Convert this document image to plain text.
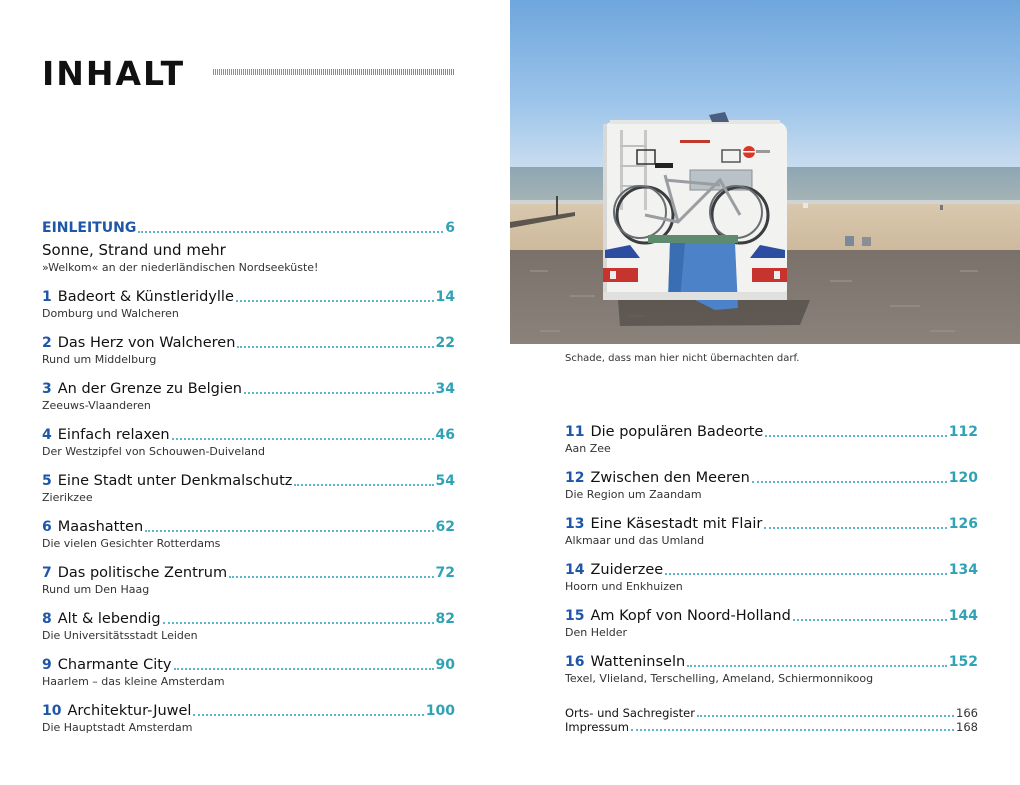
INHALT
EINLEITUNG	6
Sonne, Strand und mehr
»Welkom« an der niederländischen Nordseeküste!
1 Badeort & Künstleridylle	14
Domburg und Walcheren
2 Das Herz von Walcheren	22
Rund um Middelburg
3 An der Grenze zu Belgien	34
Zeeuws-Vlaanderen
4 Einfach relaxen	46
Der Westzipfel von Schouwen-Duiveland
5 Eine Stadt unter Denkmalschutz	54
Zierikzee
6 Maashatten	62
Die vielen Gesichter Rotterdams
7 Das politische Zentrum	72
Rund um Den Haag
8 Alt & lebendig	82
Die Universitätsstadt Leiden
9 Charmante City	90
Haarlem – das kleine Amsterdam
10 Architektur-Juwel	100
Die Hauptstadt Amsterdam
Schade, dass man hier nicht übernachten darf.
11 Die populären Badeorte	112
Aan Zee
12 Zwischen den Meeren	120
Die Region um Zaandam
13 Eine Käsestadt mit Flair	126
Alkmaar und das Umland
14 Zuiderzee	134
Hoorn und Enkhuizen
15 Am Kopf von Noord-Holland	144
Den Helder
16 Watteninseln	152
Texel, Vlieland, Terschelling, Ameland, Schiermonnikoog
Orts- und Sachregister	166
Impressum	168
